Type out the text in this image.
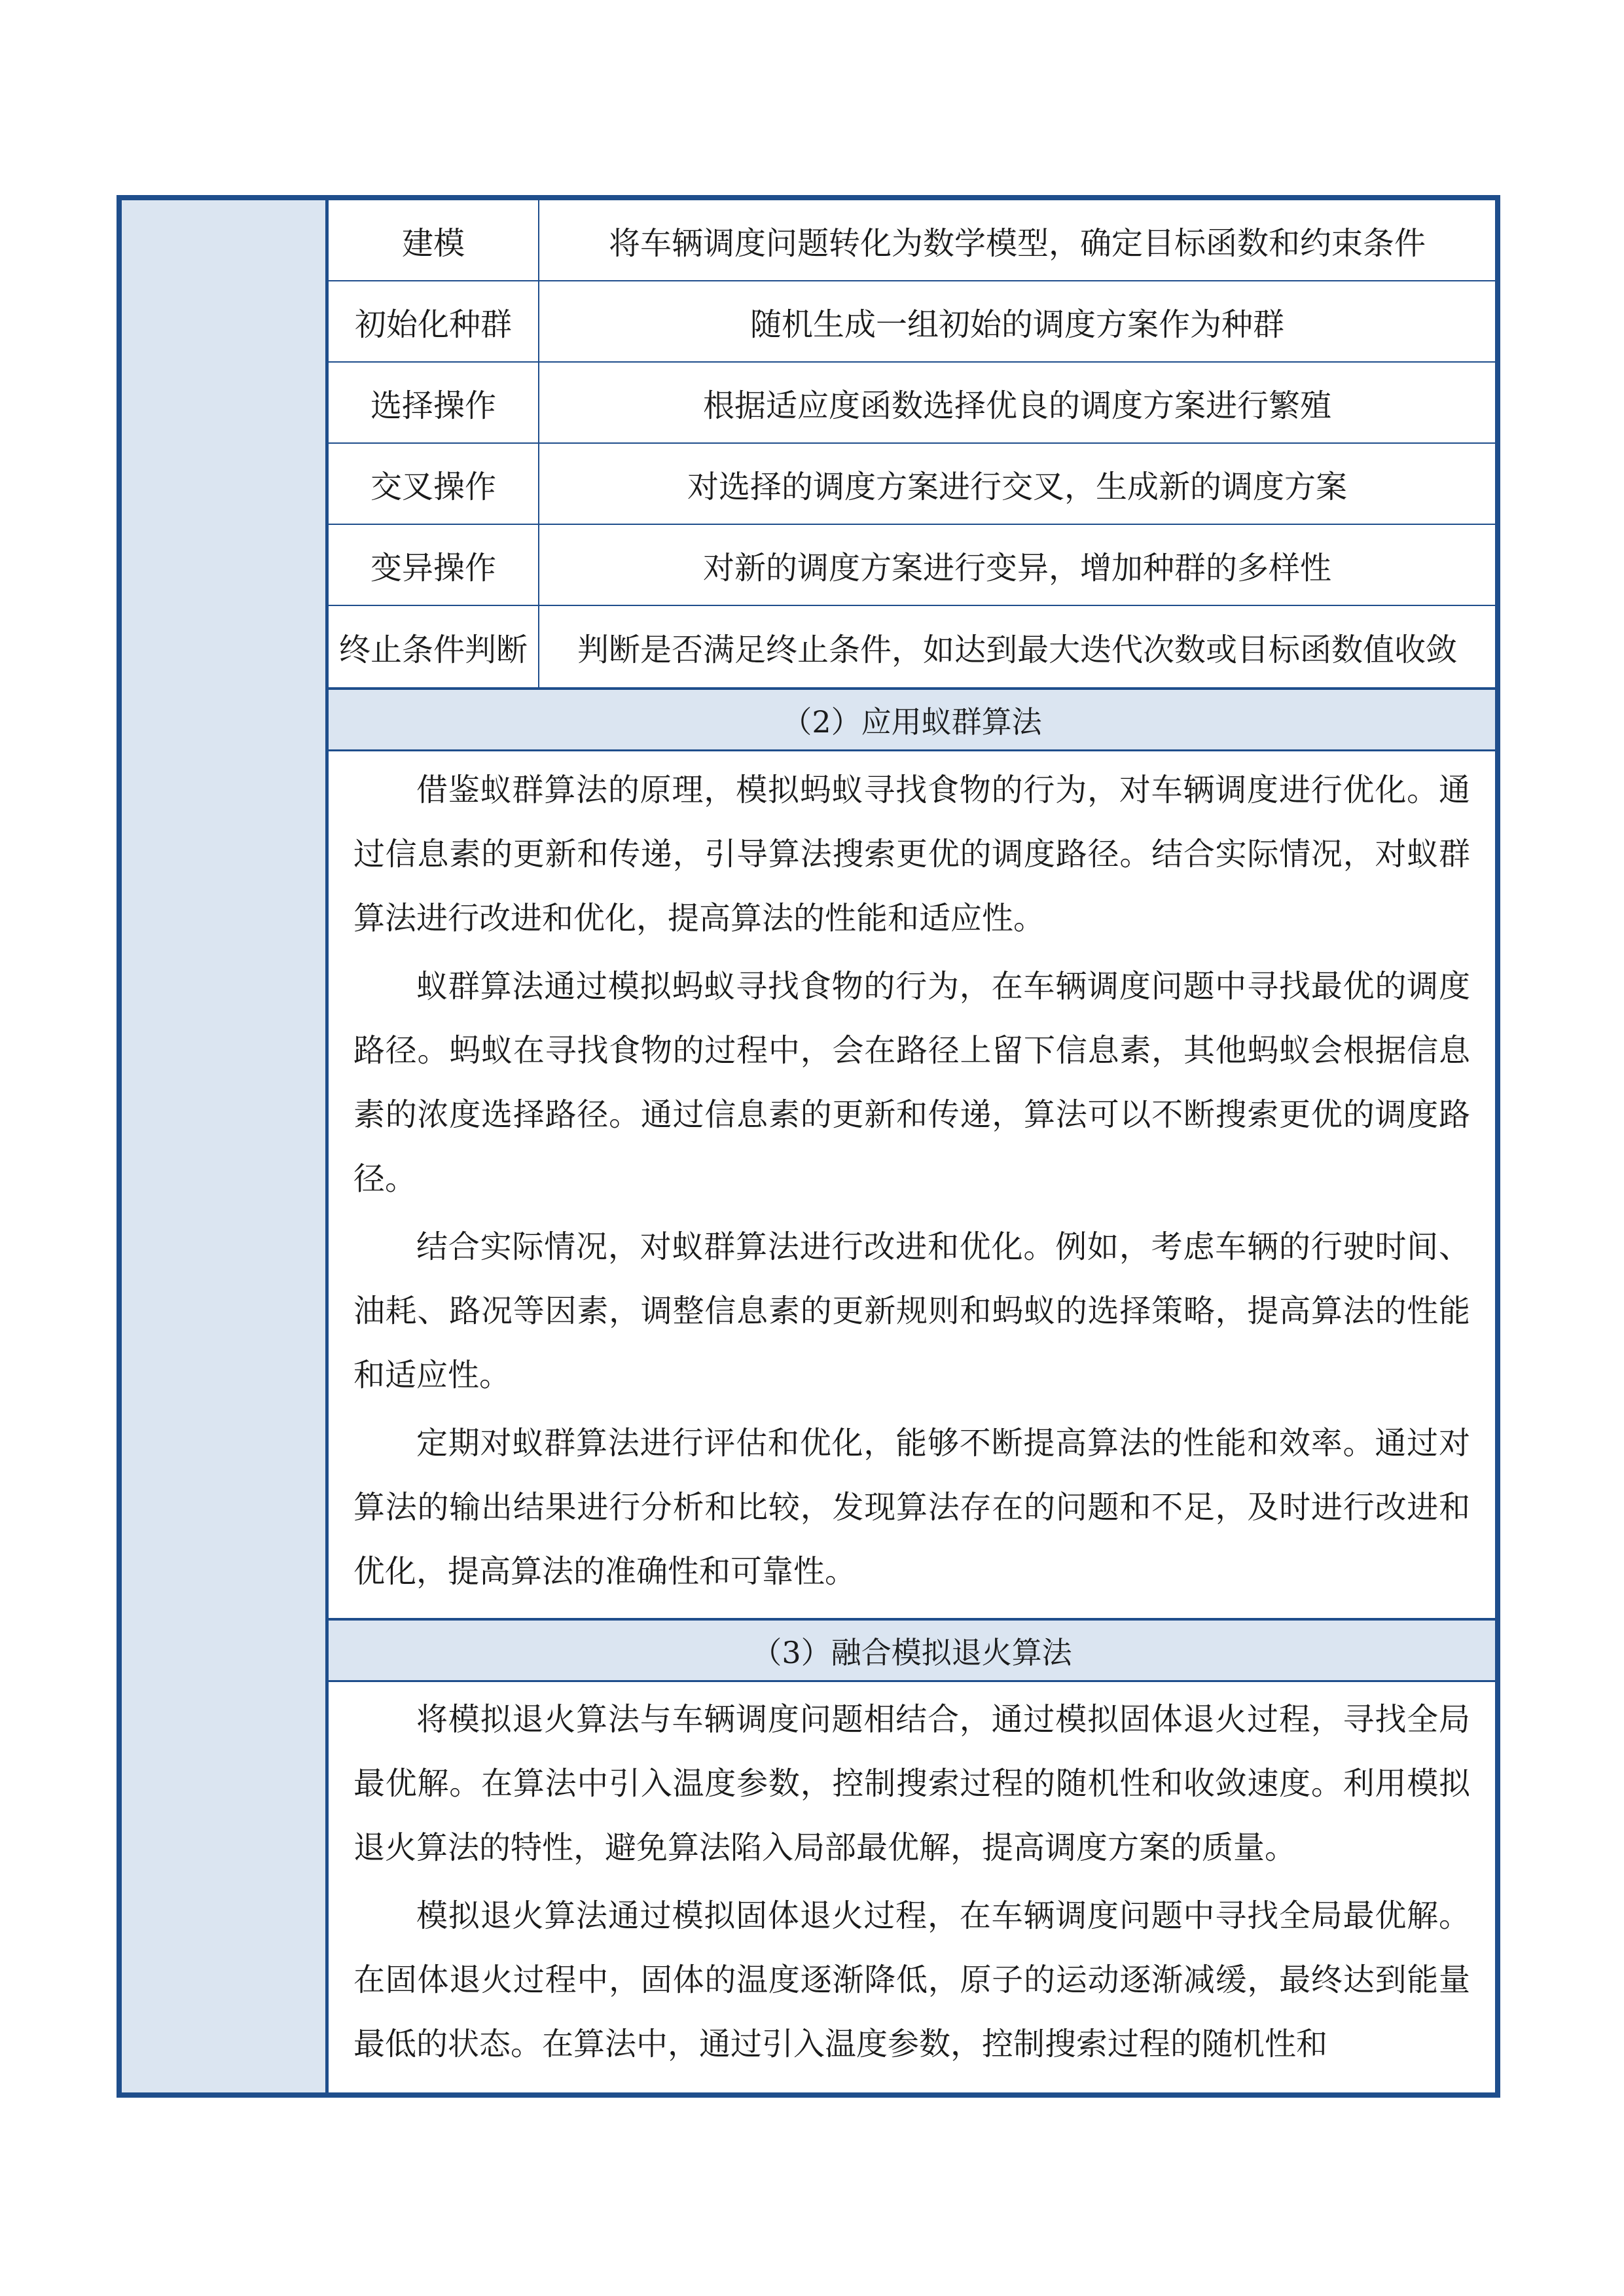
建模	将车辆调度问题转化为数学模型，确定目标函数和约束条件
初始化种群	随机生成一组初始的调度方案作为种群
选择操作	根据适应度函数选择优良的调度方案进行繁殖
交叉操作	对选择的调度方案进行交叉，生成新的调度方案
变异操作	对新的调度方案进行变异，增加种群的多样性
终止条件判断	判断是否满足终止条件，如达到最大迭代次数或目标函数值收敛
（2）应用蚁群算法

借鉴蚁群算法的原理，模拟蚂蚁寻找食物的行为，对车辆调度进行优化。通过信息素的更新和传递，引导算法搜索更优的调度路径。结合实际情况，对蚁群算法进行改进和优化，提高算法的性能和适应性。

蚁群算法通过模拟蚂蚁寻找食物的行为，在车辆调度问题中寻找最优的调度路径。蚂蚁在寻找食物的过程中，会在路径上留下信息素，其他蚂蚁会根据信息素的浓度选择路径。通过信息素的更新和传递，算法可以不断搜索更优的调度路径。

结合实际情况，对蚁群算法进行改进和优化。例如，考虑车辆的行驶时间、油耗、路况等因素，调整信息素的更新规则和蚂蚁的选择策略，提高算法的性能和适应性。

定期对蚁群算法进行评估和优化，能够不断提高算法的性能和效率。通过对算法的输出结果进行分析和比较，发现算法存在的问题和不足，及时进行改进和优化，提高算法的准确性和可靠性。

（3）融合模拟退火算法

将模拟退火算法与车辆调度问题相结合，通过模拟固体退火过程，寻找全局最优解。在算法中引入温度参数，控制搜索过程的随机性和收敛速度。利用模拟退火算法的特性，避免算法陷入局部最优解，提高调度方案的质量。

模拟退火算法通过模拟固体退火过程，在车辆调度问题中寻找全局最优解。在固体退火过程中，固体的温度逐渐降低，原子的运动逐渐减缓，最终达到能量最低的状态。在算法中，通过引入温度参数，控制搜索过程的随机性和
